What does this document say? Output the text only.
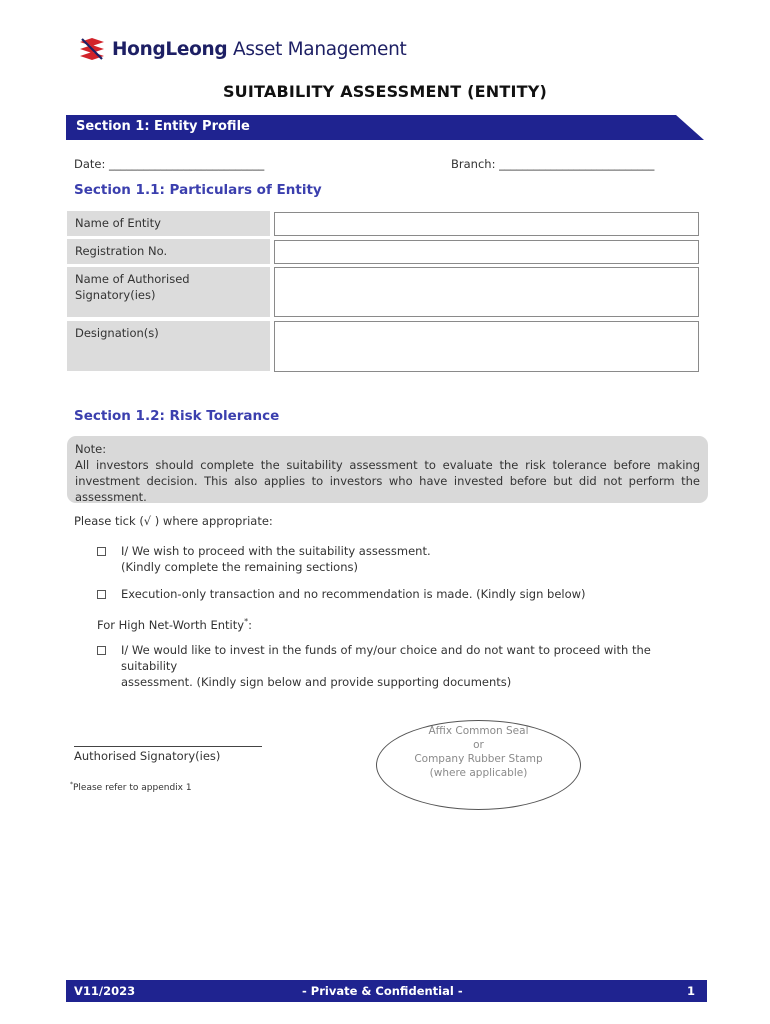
HongLeong Asset Management
SUITABILITY ASSESSMENT (ENTITY)
Section 1: Entity Profile
Date: ___________________________	Branch: ___________________________
Section 1.1: Particulars of Entity
Name of Entity
Registration No.
Name of Authorised Signatory(ies)
Designation(s)
Section 1.2: Risk Tolerance
Note:
All investors should complete the suitability assessment to evaluate the risk tolerance before making investment decision. This also applies to investors who have invested before but did not perform the assessment.
Please tick (√ ) where appropriate:
I/ We wish to proceed with the suitability assessment.
(Kindly complete the remaining sections)
Execution-only transaction and no recommendation is made. (Kindly sign below)
For High Net-Worth Entity*:
I/ We would like to invest in the funds of my/our choice and do not want to proceed with the suitability
assessment. (Kindly sign below and provide supporting documents)
Authorised Signatory(ies)
Affix Common Seal
or
Company Rubber Stamp
(where applicable)
*Please refer to appendix 1
V11/2023	- Private & Confidential -	1
